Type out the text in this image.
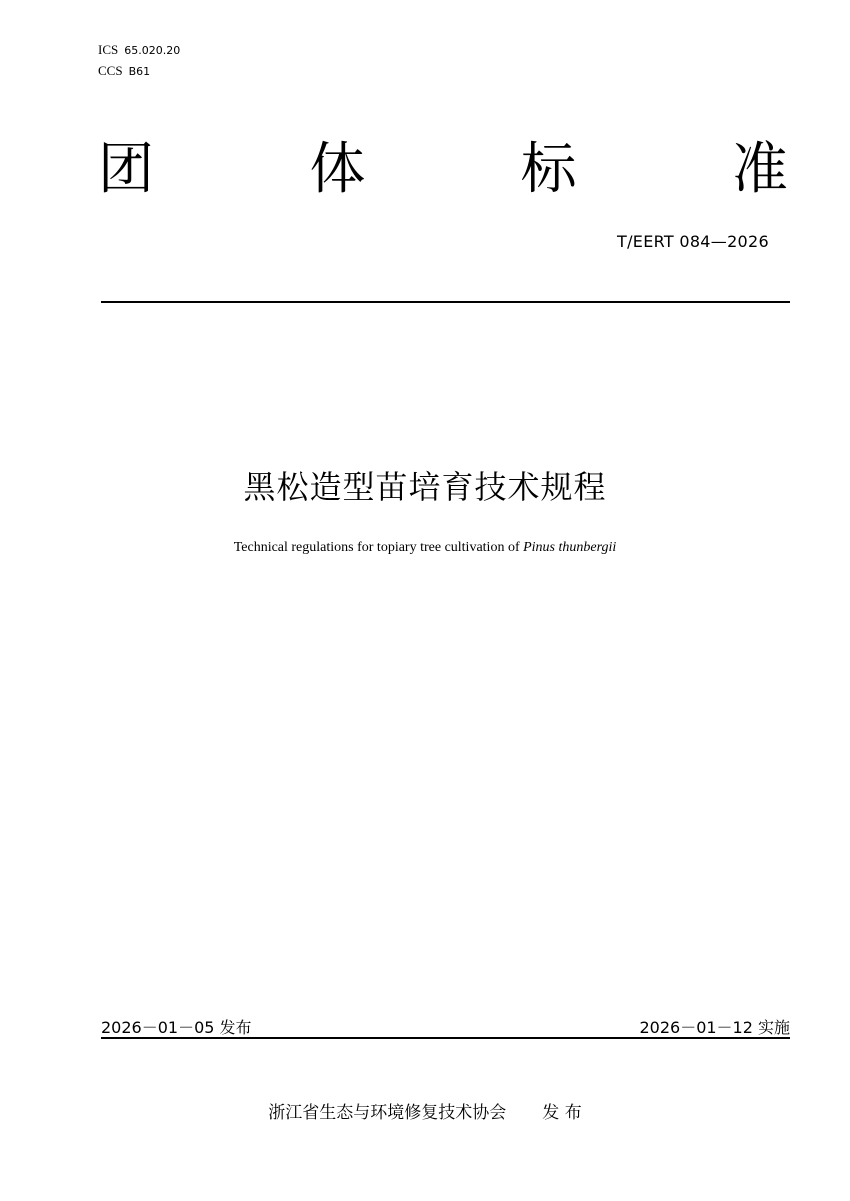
ICS 65.020.20
CCS B61
团	体	标	准
T/EERT 084—2026
黑松造型苗培育技术规程
Technical regulations for topiary tree cultivation of Pinus thunbergii
2026－01－05 发布	2026－01－12 实施
浙江省生态与环境修复技术协会 发 布
